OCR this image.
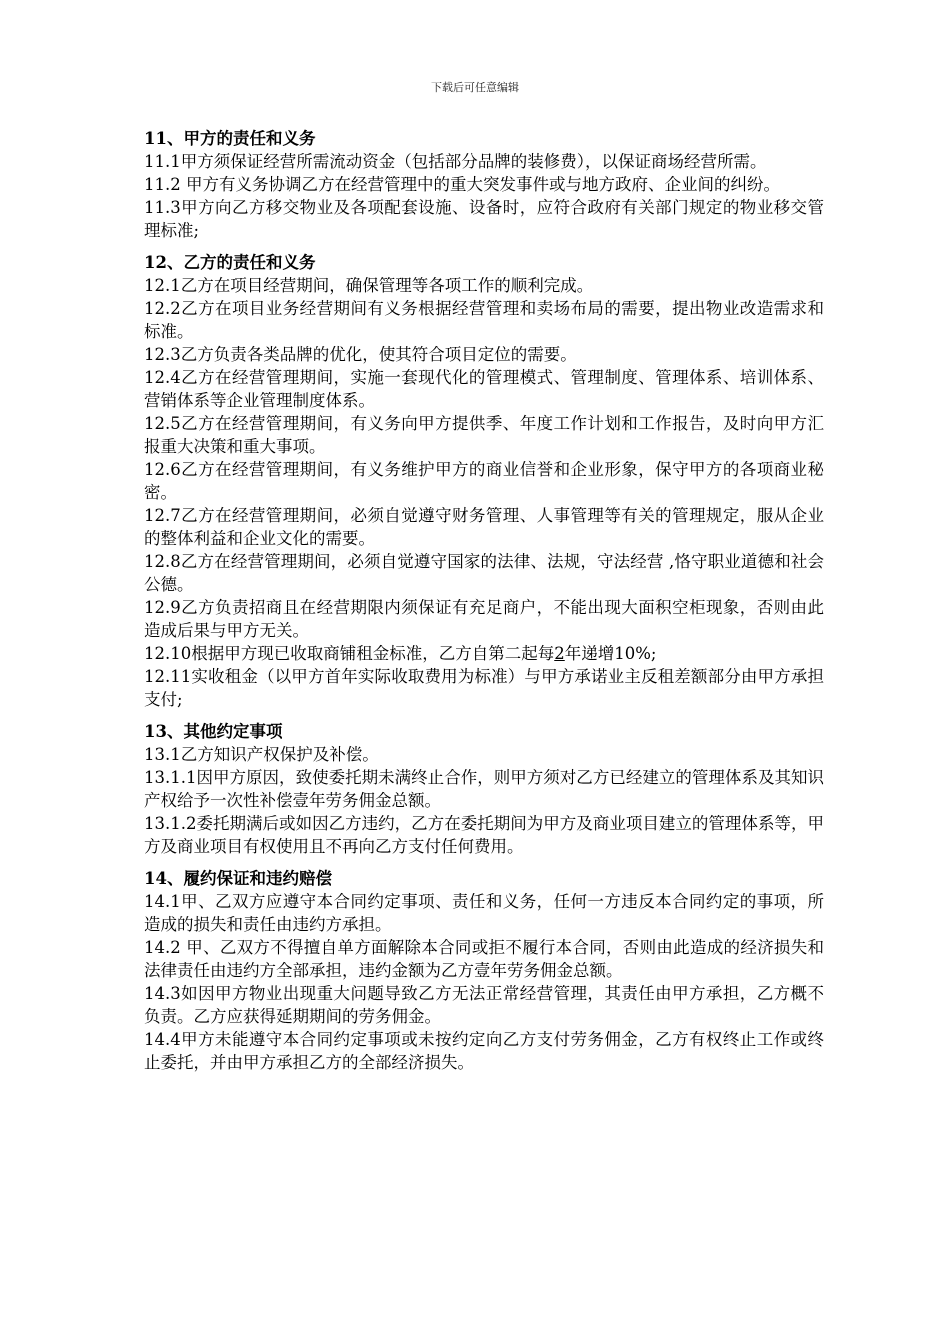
下载后可任意编辑

11、甲方的责任和义务

11.1甲方须保证经营所需流动资金（包括部分品牌的装修费），以保证商场经营所需。

11.2 甲方有义务协调乙方在经营管理中的重大突发事件或与地方政府、企业间的纠纷。

11.3甲方向乙方移交物业及各项配套设施、设备时，应符合政府有关部门规定的物业移交管理标准;

12、乙方的责任和义务

12.1乙方在项目经营期间，确保管理等各项工作的顺利完成。

12.2乙方在项目业务经营期间有义务根据经营管理和卖场布局的需要，提出物业改造需求和标准。

12.3乙方负责各类品牌的优化，使其符合项目定位的需要。

12.4乙方在经营管理期间，实施一套现代化的管理模式、管理制度、管理体系、培训体系、营销体系等企业管理制度体系。

12.5乙方在经营管理期间，有义务向甲方提供季、年度工作计划和工作报告，及时向甲方汇报重大决策和重大事项。

12.6乙方在经营管理期间，有义务维护甲方的商业信誉和企业形象，保守甲方的各项商业秘密。

12.7乙方在经营管理期间，必须自觉遵守财务管理、人事管理等有关的管理规定，服从企业的整体利益和企业文化的需要。

12.8乙方在经营管理期间，必须自觉遵守国家的法律、法规，守法经营 ,恪守职业道德和社会公德。

12.9乙方负责招商且在经营期限内须保证有充足商户，不能出现大面积空柜现象，否则由此造成后果与甲方无关。

12.10根据甲方现已收取商铺租金标准，乙方自第二起每2年递增10%;

12.11实收租金（以甲方首年实际收取费用为标准）与甲方承诺业主反租差额部分由甲方承担支付;

13、其他约定事项

13.1乙方知识产权保护及补偿。

13.1.1因甲方原因，致使委托期未满终止合作，则甲方须对乙方已经建立的管理体系及其知识产权给予一次性补偿壹年劳务佣金总额。

13.1.2委托期满后或如因乙方违约，乙方在委托期间为甲方及商业项目建立的管理体系等，甲方及商业项目有权使用且不再向乙方支付任何费用。

14、履约保证和违约赔偿

14.1甲、乙双方应遵守本合同约定事项、责任和义务，任何一方违反本合同约定的事项，所造成的损失和责任由违约方承担。

14.2 甲、乙双方不得擅自单方面解除本合同或拒不履行本合同，否则由此造成的经济损失和法律责任由违约方全部承担，违约金额为乙方壹年劳务佣金总额。

14.3如因甲方物业出现重大问题导致乙方无法正常经营管理，其责任由甲方承担，乙方概不负责。乙方应获得延期期间的劳务佣金。

14.4甲方未能遵守本合同约定事项或未按约定向乙方支付劳务佣金，乙方有权终止工作或终止委托，并由甲方承担乙方的全部经济损失。
